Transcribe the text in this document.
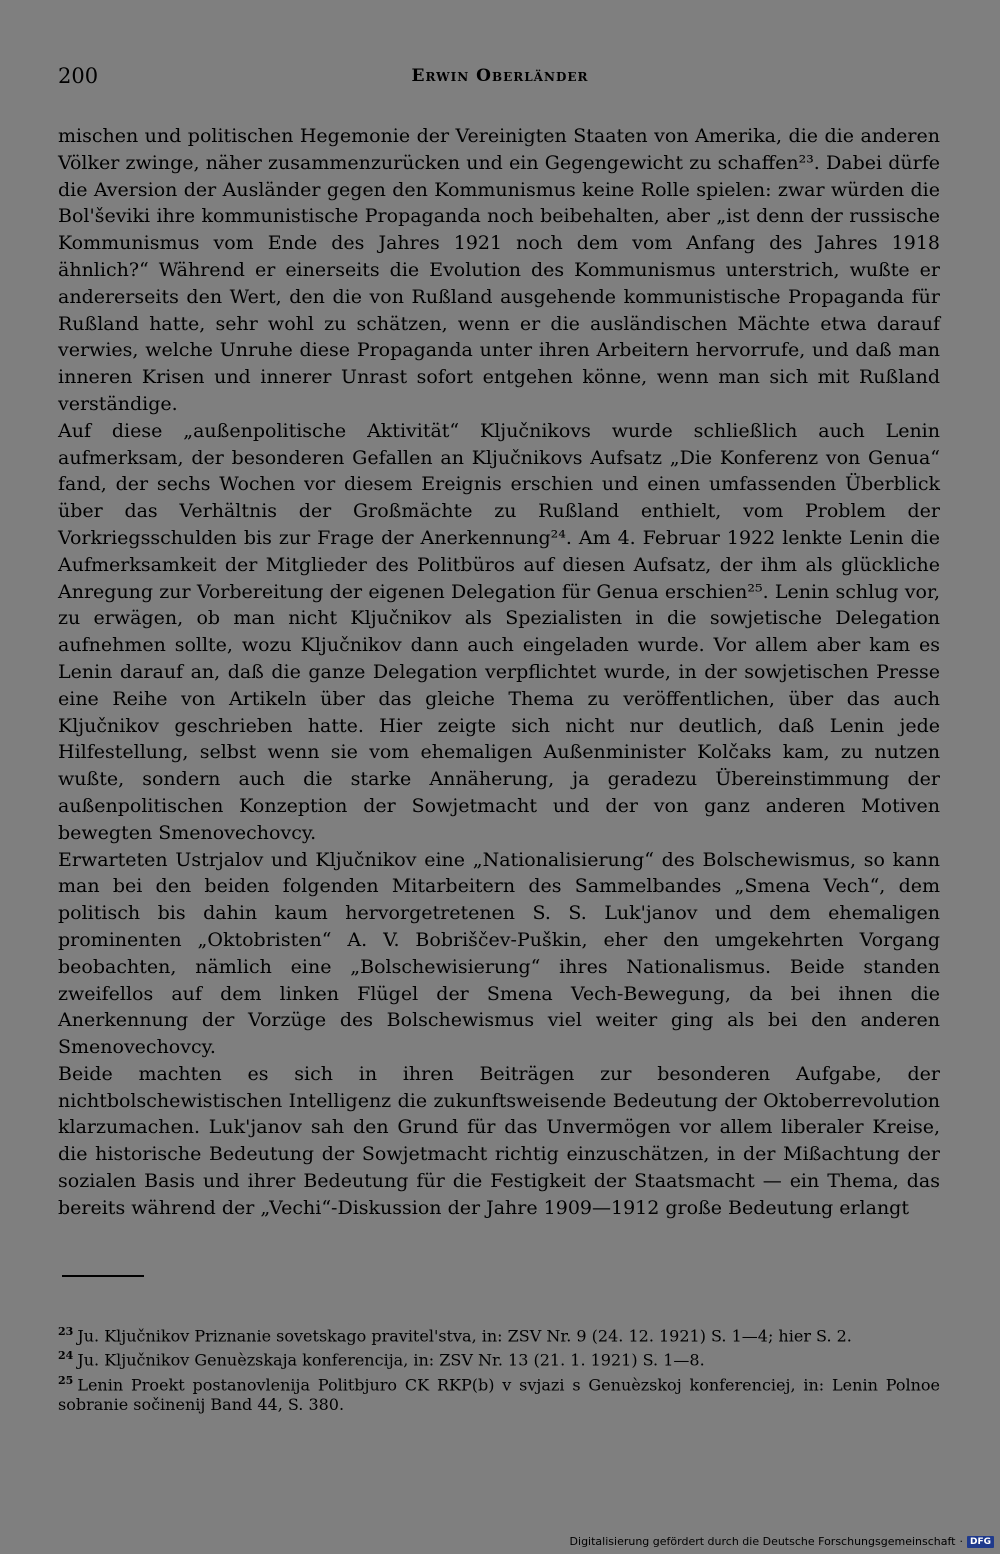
200	Erwin Oberländer

mischen und politischen Hegemonie der Vereinigten Staaten von Amerika, die die anderen Völker zwinge, näher zusammenzurücken und ein Gegengewicht zu schaffen²³. Dabei dürfe die Aversion der Ausländer gegen den Kommunismus keine Rolle spielen: zwar würden die Bol'ševiki ihre kommunistische Propaganda noch beibehalten, aber „ist denn der russische Kommunismus vom Ende des Jahres 1921 noch dem vom Anfang des Jahres 1918 ähnlich?“ Während er einerseits die Evolution des Kommunismus unterstrich, wußte er andererseits den Wert, den die von Rußland ausgehende kommunistische Propaganda für Rußland hatte, sehr wohl zu schätzen, wenn er die ausländischen Mächte etwa darauf verwies, welche Unruhe diese Propaganda unter ihren Arbeitern hervorrufe, und daß man inneren Krisen und innerer Unrast sofort entgehen könne, wenn man sich mit Rußland verständige.

Auf diese „außenpolitische Aktivität“ Ključnikovs wurde schließlich auch Lenin aufmerksam, der besonderen Gefallen an Ključnikovs Aufsatz „Die Konferenz von Genua“ fand, der sechs Wochen vor diesem Ereignis erschien und einen umfassenden Überblick über das Verhältnis der Großmächte zu Rußland enthielt, vom Problem der Vorkriegsschulden bis zur Frage der Anerkennung²⁴. Am 4. Februar 1922 lenkte Lenin die Aufmerksamkeit der Mitglieder des Politbüros auf diesen Aufsatz, der ihm als glückliche Anregung zur Vorbereitung der eigenen Delegation für Genua erschien²⁵. Lenin schlug vor, zu erwägen, ob man nicht Ključnikov als Spezialisten in die sowjetische Delegation aufnehmen sollte, wozu Ključnikov dann auch eingeladen wurde. Vor allem aber kam es Lenin darauf an, daß die ganze Delegation verpflichtet wurde, in der sowjetischen Presse eine Reihe von Artikeln über das gleiche Thema zu veröffentlichen, über das auch Ključnikov geschrieben hatte. Hier zeigte sich nicht nur deutlich, daß Lenin jede Hilfestellung, selbst wenn sie vom ehemaligen Außenminister Kolčaks kam, zu nutzen wußte, sondern auch die starke Annäherung, ja geradezu Übereinstimmung der außenpolitischen Konzeption der Sowjetmacht und der von ganz anderen Motiven bewegten Smenovechovcy.

Erwarteten Ustrjalov und Ključnikov eine „Nationalisierung“ des Bolschewismus, so kann man bei den beiden folgenden Mitarbeitern des Sammelbandes „Smena Vech“, dem politisch bis dahin kaum hervorgetretenen S. S. Luk'janov und dem ehemaligen prominenten „Oktobristen“ A. V. Bobriščev-Puškin, eher den umgekehrten Vorgang beobachten, nämlich eine „Bolschewisierung“ ihres Nationalismus. Beide standen zweifellos auf dem linken Flügel der Smena Vech-Bewegung, da bei ihnen die Anerkennung der Vorzüge des Bolschewismus viel weiter ging als bei den anderen Smenovechovcy.

Beide machten es sich in ihren Beiträgen zur besonderen Aufgabe, der nichtbolschewistischen Intelligenz die zukunftsweisende Bedeutung der Oktoberrevolution klarzumachen. Luk'janov sah den Grund für das Unvermögen vor allem liberaler Kreise, die historische Bedeutung der Sowjetmacht richtig einzuschätzen, in der Mißachtung der sozialen Basis und ihrer Bedeutung für die Festigkeit der Staatsmacht — ein Thema, das bereits während der „Vechi“-Diskussion der Jahre 1909—1912 große Bedeutung erlangt

$^{23}$ Ju. Ključnikov Priznanie sovetskago pravitel'stva, in: ZSV Nr. 9 (24. 12. 1921) S. 1—4; hier S. 2.

$^{24}$ Ju. Ključnikov Genuèzskaja konferencija, in: ZSV Nr. 13 (21. 1. 1921) S. 1—8.

$^{25}$ Lenin Proekt postanovlenija Politbjuro CK RKP(b) v svjazi s Genuèzskoj konferenciej, in: Lenin Polnoe sobranie sočinenij Band 44, S. 380.

Digitalisierung gefördert durch die Deutsche Forschungsgemeinschaft · DFG
